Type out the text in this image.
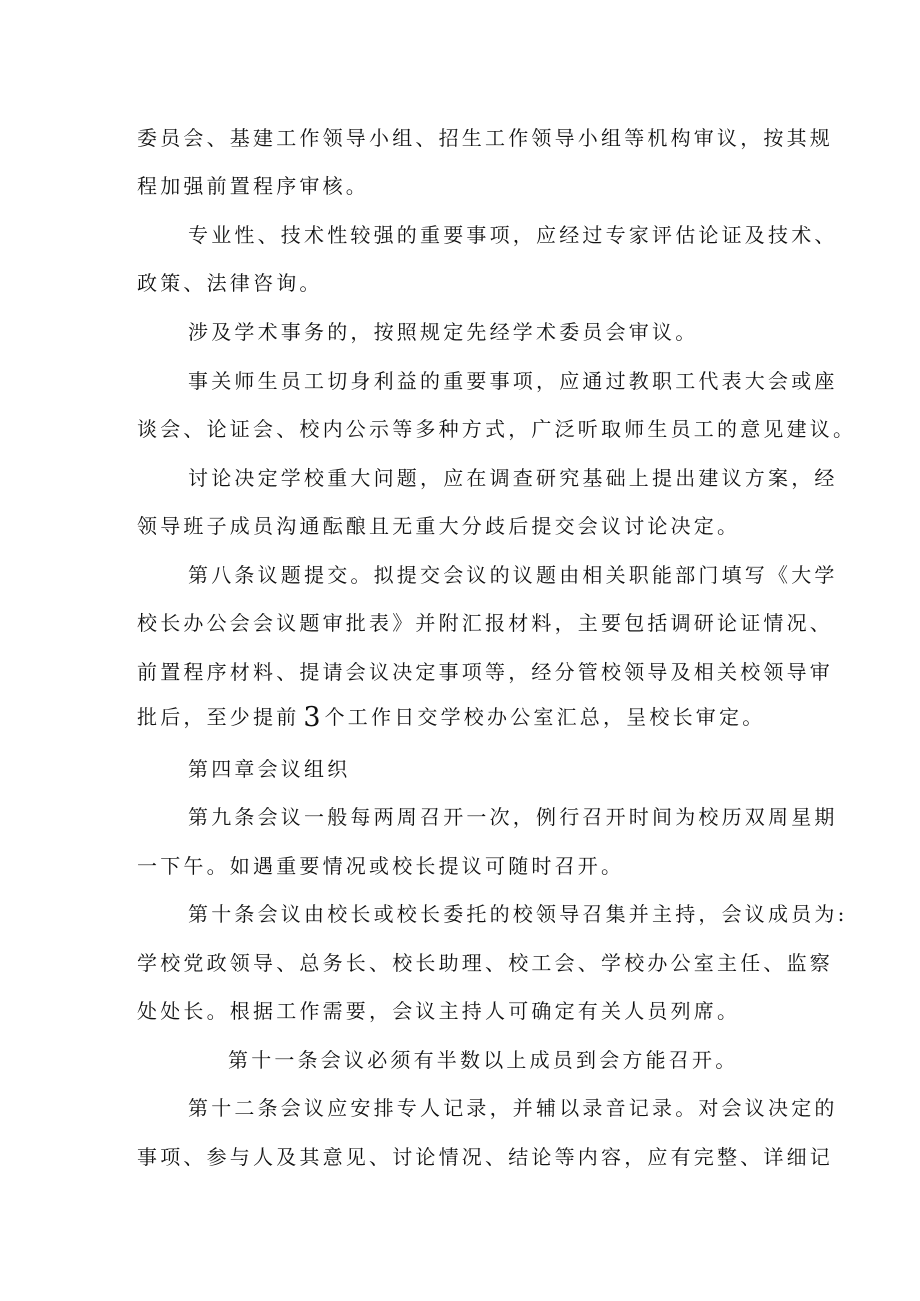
委员会、基建工作领导小组、招生工作领导小组等机构审议，按其规
程加强前置程序审核。
专业性、技术性较强的重要事项，应经过专家评估论证及技术、
政策、法律咨询。
涉及学术事务的，按照规定先经学术委员会审议。
事关师生员工切身利益的重要事项，应通过教职工代表大会或座
谈会、论证会、校内公示等多种方式，广泛听取师生员工的意见建议。
讨论决定学校重大问题，应在调查研究基础上提出建议方案，经
领导班子成员沟通酝酿且无重大分歧后提交会议讨论决定。
第八条议题提交。拟提交会议的议题由相关职能部门填写《大学
校长办公会会议题审批表》并附汇报材料，主要包括调研论证情况、
前置程序材料、提请会议决定事项等，经分管校领导及相关校领导审
批后，至少提前 3 个工作日交学校办公室汇总，呈校长审定。
第四章会议组织
第九条会议一般每两周召开一次，例行召开时间为校历双周星期
一下午。如遇重要情况或校长提议可随时召开。
第十条会议由校长或校长委托的校领导召集并主持，会议成员为:
学校党政领导、总务长、校长助理、校工会、学校办公室主任、监察
处处长。根据工作需要，会议主持人可确定有关人员列席。
第十一条会议必须有半数以上成员到会方能召开。
第十二条会议应安排专人记录，并辅以录音记录。对会议决定的
事项、参与人及其意见、讨论情况、结论等内容，应有完整、详细记
